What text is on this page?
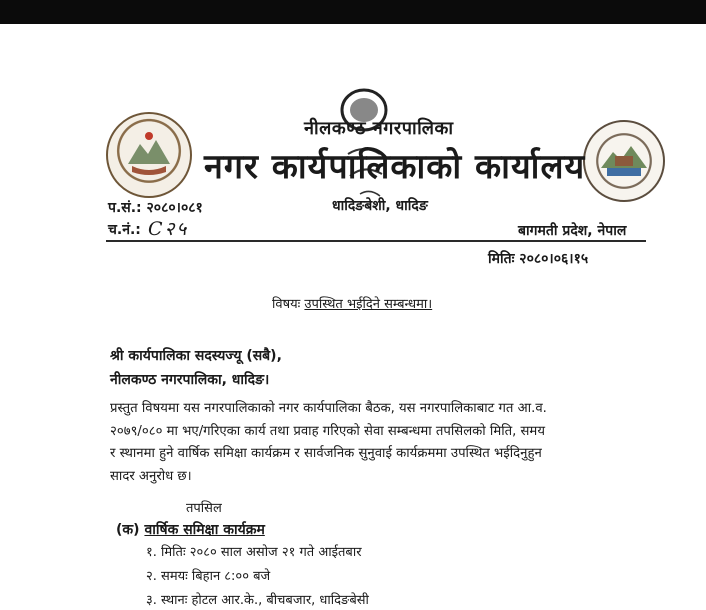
नीलकण्ठ नगरपालिका
नगर कार्यपालिकाको कार्यालय
धादिङबेशी, धादिङ
प.सं.: २०८०।०८१
च.नं.: C२५	बागमती प्रदेश, नेपाल
मितिः २०८०।०६।१५
विषयः उपस्थित भईदिने सम्बन्धमा।
श्री कार्यपालिका सदस्यज्यू (सबै),
नीलकण्ठ नगरपालिका, धादिङ।
प्रस्तुत विषयमा यस नगरपालिकाको नगर कार्यपालिका बैठक, यस नगरपालिकाबाट गत आ.व.
२०७९/०८० मा भए/गरिएका कार्य तथा प्रवाह गरिएको सेवा सम्बन्धमा तपसिलको मिति, समय
र स्थानमा हुने वार्षिक समिक्षा कार्यक्रम र सार्वजनिक सुनुवाई कार्यक्रममा उपस्थित भईदिनुहुन
सादर अनुरोध छ।
तपसिल
(क) वार्षिक समिक्षा कार्यक्रम
१. मितिः २०८० साल असोज २१ गते आईतबार
२. समयः बिहान ८:०० बजे
३. स्थानः होटल आर.के., बीचबजार, धादिङबेसी
